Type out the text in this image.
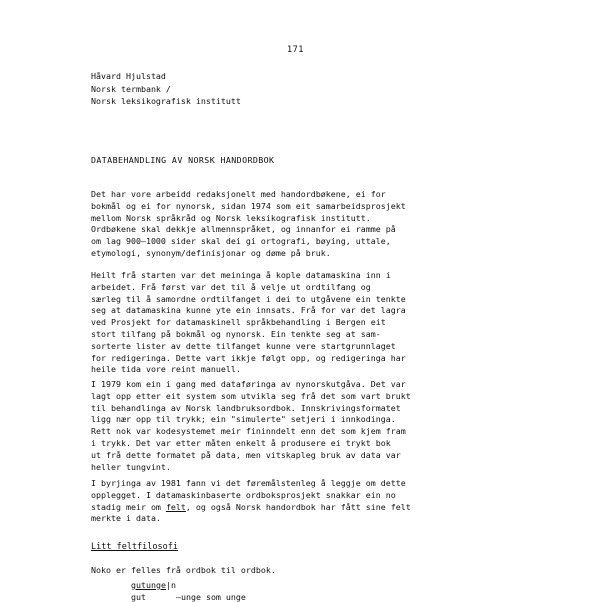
171
Håvard Hjulstad
Norsk termbank /
Norsk leksikografisk institutt
DATABEHANDLING AV NORSK HANDORDBOK
Det har vore arbeidd redaksjonelt med handordbøkene, ei for
bokmål og ei for nynorsk, sidan 1974 som eit samarbeidsprosjekt
mellom Norsk språkråd og Norsk leksikografisk institutt.
Ordbøkene skal dekkje allmennspråket, og innanfor ei ramme på
om lag 900—1000 sider skal dei gi ortografi, bøying, uttale,
etymologi, synonym/definisjonar og døme på bruk.
Heilt frå starten var det meininga å kople datamaskina inn i
arbeidet. Frå først var det til å velje ut ordtilfang og
særleg til å samordne ordtilfanget i dei to utgåvene ein tenkte
seg at datamaskina kunne yte ein innsats. Frå for var det lagra
ved Prosjekt for datamaskinell språkbehandling i Bergen eit
stort tilfang på bokmål og nynorsk. Ein tenkte seg at sam-
sorterte lister av dette tilfanget kunne vere startgrunnlaget
for redigeringa. Dette vart ikkje følgt opp, og redigeringa har
heile tida vore reint manuell.
I 1979 kom ein i gang med dataføringa av nynorskutgåva. Det var
lagt opp etter eit system som utvikla seg frå det som vart brukt
til behandlinga av Norsk landbruksordbok. Innskrivingsformatet
ligg nær opp til trykk; ein "simulerte" setjeri i innkodinga.
Rett nok var kodesystemet meir fininndelt enn det som kjem fram
i trykk. Det var etter måten enkelt å produsere ei trykt bok
ut frå dette formatet på data, men vitskapleg bruk av data var
heller tungvint.
I byrjinga av 1981 fann vi det føremålstenleg å leggje om dette
opplegget. I datamaskinbaserte ordboksprosjekt snakkar ein no
stadig meir om felt, og også Norsk handordbok har fått sine felt
merkte i data.
Litt feltfilosofi
Noko er felles frå ordbok til ordbok.
gutunge|n
gut      —unge som unge
